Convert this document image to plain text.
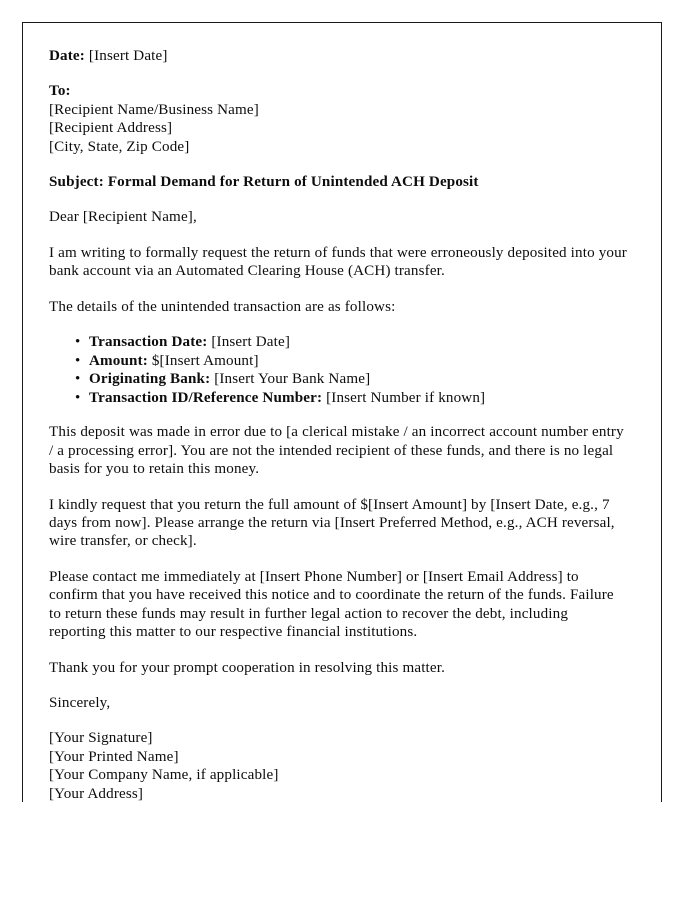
Date: [Insert Date]
To:
[Recipient Name/Business Name]
[Recipient Address]
[City, State, Zip Code]
Subject: Formal Demand for Return of Unintended ACH Deposit
Dear [Recipient Name],

I am writing to formally request the return of funds that were erroneously deposited into your bank account via an Automated Clearing House (ACH) transfer.

The details of the unintended transaction are as follows:

• Transaction Date: [Insert Date]
• Amount: $[Insert Amount]
• Originating Bank: [Insert Your Bank Name]
• Transaction ID/Reference Number: [Insert Number if known]

This deposit was made in error due to [a clerical mistake / an incorrect account number entry / a processing error]. You are not the intended recipient of these funds, and there is no legal basis for you to retain this money.

I kindly request that you return the full amount of $[Insert Amount] by [Insert Date, e.g., 7 days from now]. Please arrange the return via [Insert Preferred Method, e.g., ACH reversal, wire transfer, or check].

Please contact me immediately at [Insert Phone Number] or [Insert Email Address] to confirm that you have received this notice and to coordinate the return of the funds. Failure to return these funds may result in further legal action to recover the debt, including reporting this matter to our respective financial institutions.

Thank you for your prompt cooperation in resolving this matter.

Sincerely,
[Your Signature]
[Your Printed Name]
[Your Company Name, if applicable]
[Your Address]
